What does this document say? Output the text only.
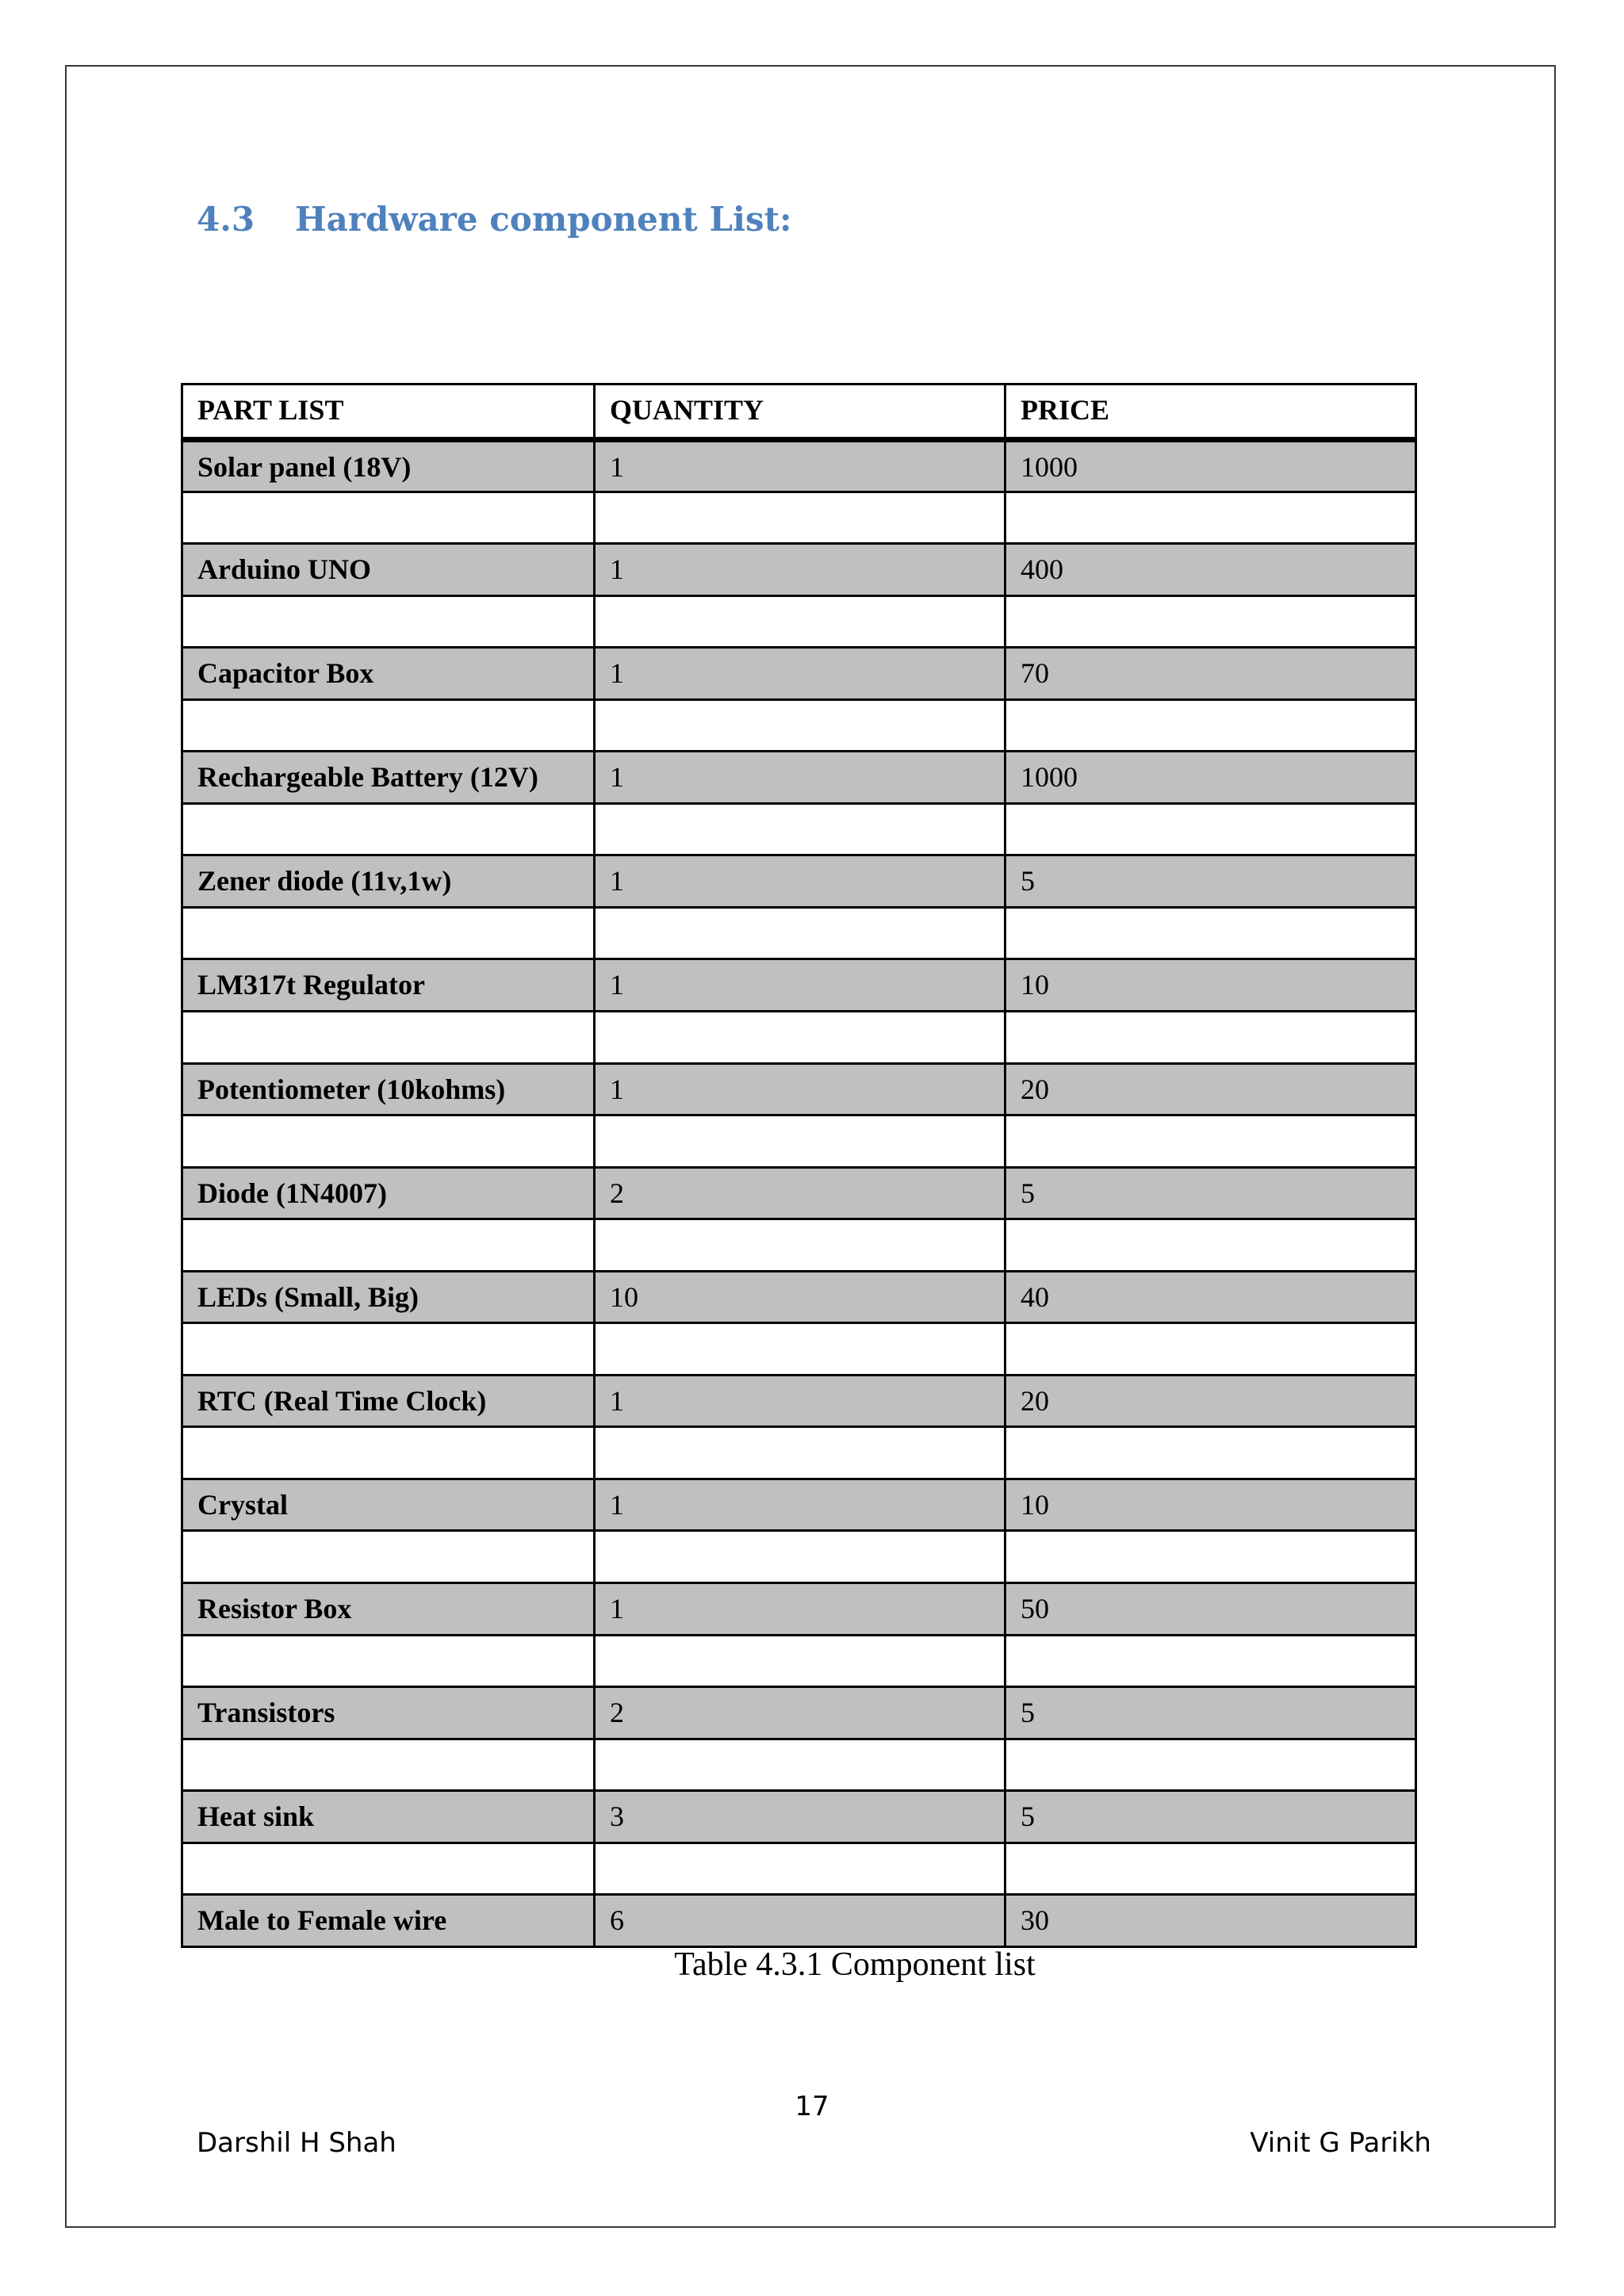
4.3	Hardware component List:
PART LIST	QUANTITY	PRICE
Solar panel (18V)	1	1000

Arduino UNO	1	400

Capacitor Box	1	70

Rechargeable Battery (12V)	1	1000

Zener diode (11v,1w)	1	5

LM317t Regulator	1	10

Potentiometer (10kohms)	1	20

Diode (1N4007)	2	5

LEDs (Small, Big)	10	40

RTC (Real Time Clock)	1	20

Crystal	1	10

Resistor Box	1	50

Transistors	2	5

Heat sink	3	5

Male to Female wire	6	30
Table 4.3.1 Component list
17
Darshil H Shah	Vinit G Parikh
